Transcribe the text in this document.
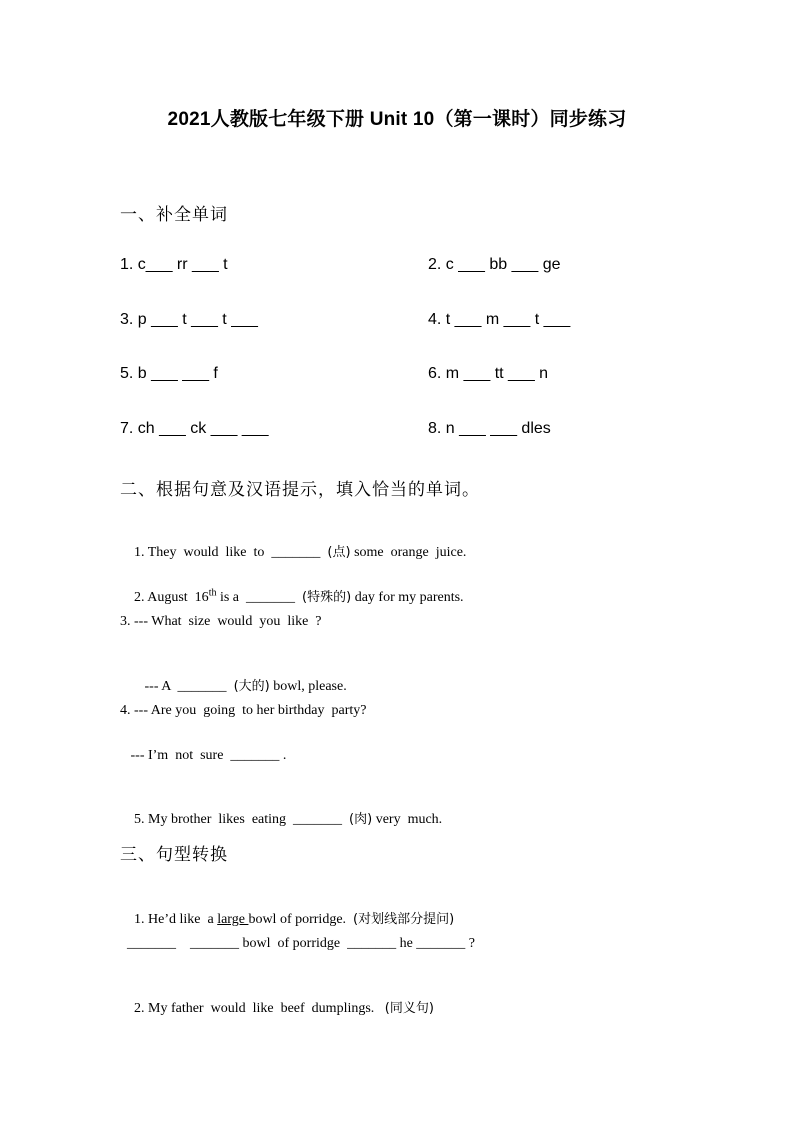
2021人教版七年级下册 Unit 10（第一课时）同步练习
一、补全单词
1. c___ rr ___ t	2. c ___ bb ___ ge
3. p ___ t ___ t ___	4. t ___ m ___ t ___
5. b ___ ___ f	6. m ___ tt ___ n
7. ch ___ ck ___ ___	8. n ___ ___ dles
二、根据句意及汉语提示，填入恰当的单词。

1. They  would  like  to  _______  (点) some  orange  juice.

2. August  16th is a  _______  (特殊的) day for my parents.

3. --- What  size  would  you  like  ?

--- A  _______  (大的) bowl, please.

4. --- Are you  going  to her birthday  party?
--- I’m  not  sure  _______ .

5. My brother  likes  eating  _______  (肉) very  much.

三、句型转换

1. He’d like  a large bowl of porridge.  (对划线部分提问)

_______    _______ bowl  of porridge  _______ he _______ ?

2. My father  would  like  beef  dumplings.   (同义句)
